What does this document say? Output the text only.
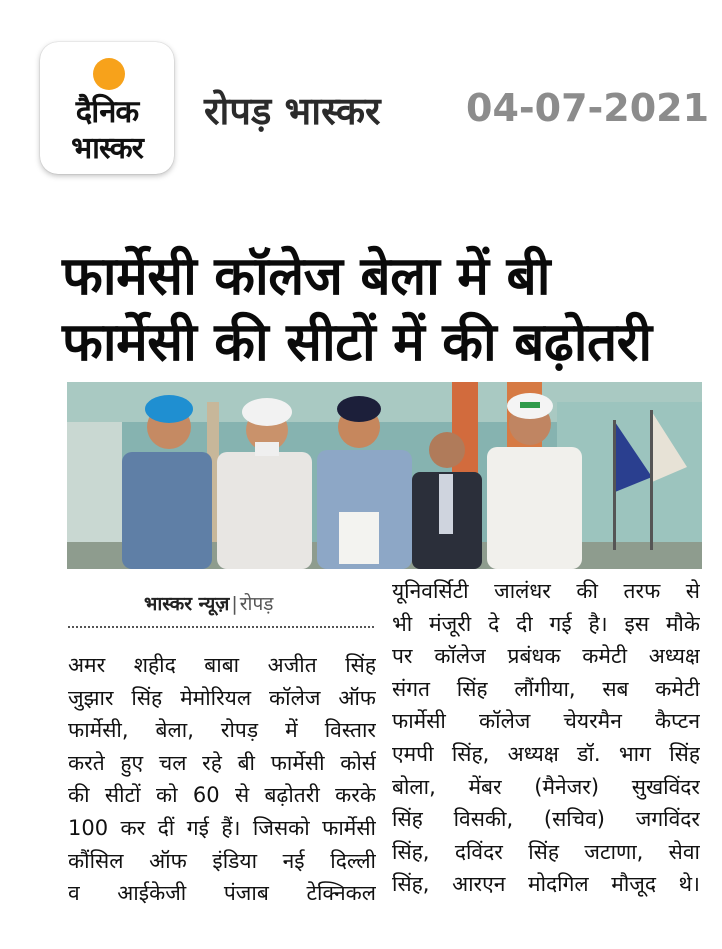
दैनिक
भास्कर
रोपड़ भास्कर 04-07-2021
फार्मेसी कॉलेज बेला में बी
फार्मेसी की सीटों में की बढ़ोतरी
भास्कर न्यूज़ | रोपड़
अमर शहीद बाबा अजीत सिंह
जुझार सिंह मेमोरियल कॉलेज ऑफ
फार्मेसी, बेला, रोपड़ में विस्तार
करते हुए चल रहे बी फार्मेसी कोर्स
की सीटों को 60 से बढ़ोतरी करके
100 कर दीं गई हैं। जिसको फार्मेसी
कौंसिल ऑफ इंडिया नई दिल्ली
व आईकेजी पंजाब टेक्निकल
यूनिवर्सिटी जालंधर की तरफ से
भी मंजूरी दे दी गई है। इस मौके
पर कॉलेज प्रबंधक कमेटी अध्यक्ष
संगत सिंह लौंगीया, सब कमेटी
फार्मेसी कॉलेज चेयरमैन कैप्टन
एमपी सिंह, अध्यक्ष डॉ. भाग सिंह
बोला, मेंबर (मैनेजर) सुखविंदर
सिंह विसकी, (सचिव) जगविंदर
सिंह, दविंदर सिंह जटाणा, सेवा
सिंह, आरएन मोदगिल मौजूद थे।
